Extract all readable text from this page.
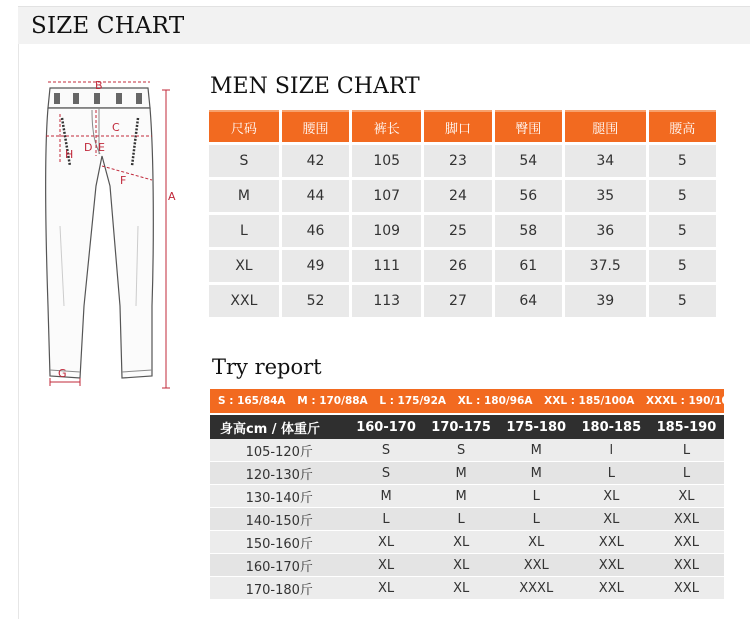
SIZE CHART
A
B
C
D E
F
G
H
MEN SIZE CHART
尺码	腰围	裤长	脚口	臀围	腿围	腰高
S	42	105	23	54	34	5
M	44	107	24	56	35	5
L	46	109	25	58	36	5
XL	49	111	26	61	37.5	5
XXL	52	113	27	64	39	5
Try report
S : 165/84A M : 170/88A L : 175/92A XL : 180/96A XXL : 185/100A XXXL : 190/104A
身高cm / 体重斤	160-170	170-175	175-180	180-185	185-190
105-120斤	S	S	M	l	L
120-130斤	S	M	M	L	L
130-140斤	M	M	L	XL	XL
140-150斤	L	L	L	XL	XXL
150-160斤	XL	XL	XL	XXL	XXL
160-170斤	XL	XL	XXL	XXL	XXL
170-180斤	XL	XL	XXXL	XXL	XXL
